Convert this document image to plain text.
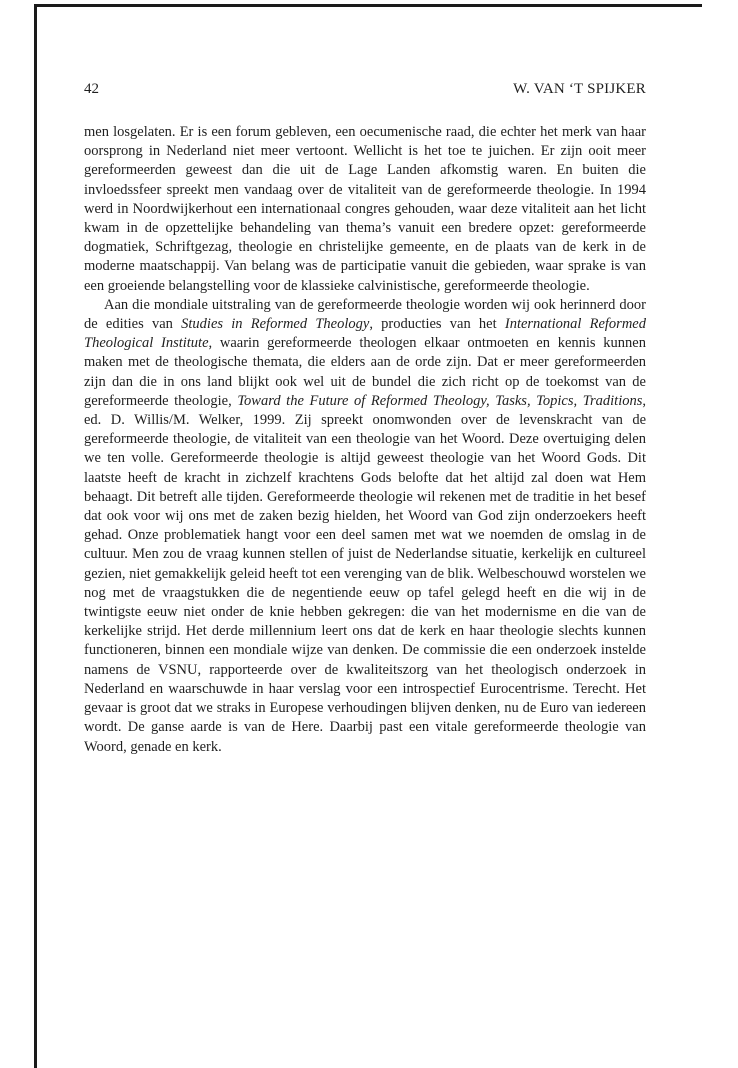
42	W. VAN ‘T SPIJKER

men losgelaten. Er is een forum gebleven, een oecumenische raad, die echter het merk van haar oorsprong in Nederland niet meer vertoont. Wellicht is het toe te juichen. Er zijn ooit meer gereformeerden geweest dan die uit de Lage Landen afkomstig waren. En buiten die invloedssfeer spreekt men vandaag over de vitaliteit van de gereformeerde theologie. In 1994 werd in Noordwijkerhout een internationaal congres gehouden, waar deze vitaliteit aan het licht kwam in de opzettelijke behandeling van thema’s vanuit een bredere opzet: gereformeerde dogmatiek, Schriftgezag, theologie en christelijke gemeente, en de plaats van de kerk in de moderne maatschappij. Van belang was de participatie vanuit die gebieden, waar sprake is van een groeiende belangstelling voor de klassieke calvinistische, gereformeerde theologie.

Aan die mondiale uitstraling van de gereformeerde theologie worden wij ook herinnerd door de edities van Studies in Reformed Theology, producties van het International Reformed Theological Institute, waarin gereformeerde theologen elkaar ontmoeten en kennis kunnen maken met de theologische themata, die elders aan de orde zijn. Dat er meer gereformeerden zijn dan die in ons land blijkt ook wel uit de bundel die zich richt op de toekomst van de gereformeerde theologie, Toward the Future of Reformed Theology, Tasks, Topics, Traditions, ed. D. Willis/M. Welker, 1999. Zij spreekt onomwonden over de levenskracht van de gereformeerde theologie, de vitaliteit van een theologie van het Woord. Deze overtuiging delen we ten volle. Gereformeerde theologie is altijd geweest theologie van het Woord Gods. Dit laatste heeft de kracht in zichzelf krachtens Gods belofte dat het altijd zal doen wat Hem behaagt. Dit betreft alle tijden. Gereformeerde theologie wil rekenen met de traditie in het besef dat ook voor wij ons met de zaken bezig hielden, het Woord van God zijn onderzoekers heeft gehad. Onze problematiek hangt voor een deel samen met wat we noemden de omslag in de cultuur. Men zou de vraag kunnen stellen of juist de Nederlandse situatie, kerkelijk en cultureel gezien, niet gemakkelijk geleid heeft tot een verenging van de blik. Welbeschouwd worstelen we nog met de vraagstukken die de negentiende eeuw op tafel gelegd heeft en die wij in de twintigste eeuw niet onder de knie hebben gekregen: die van het modernisme en die van de kerkelijke strijd. Het derde millennium leert ons dat de kerk en haar theologie slechts kunnen functioneren, binnen een mondiale wijze van denken. De commissie die een onderzoek instelde namens de VSNU, rapporteerde over de kwaliteitszorg van het theologisch onderzoek in Nederland en waarschuwde in haar verslag voor een introspectief Eurocentrisme. Terecht. Het gevaar is groot dat we straks in Europese verhoudingen blijven denken, nu de Euro van iedereen wordt. De ganse aarde is van de Here. Daarbij past een vitale gereformeerde theologie van Woord, genade en kerk.
